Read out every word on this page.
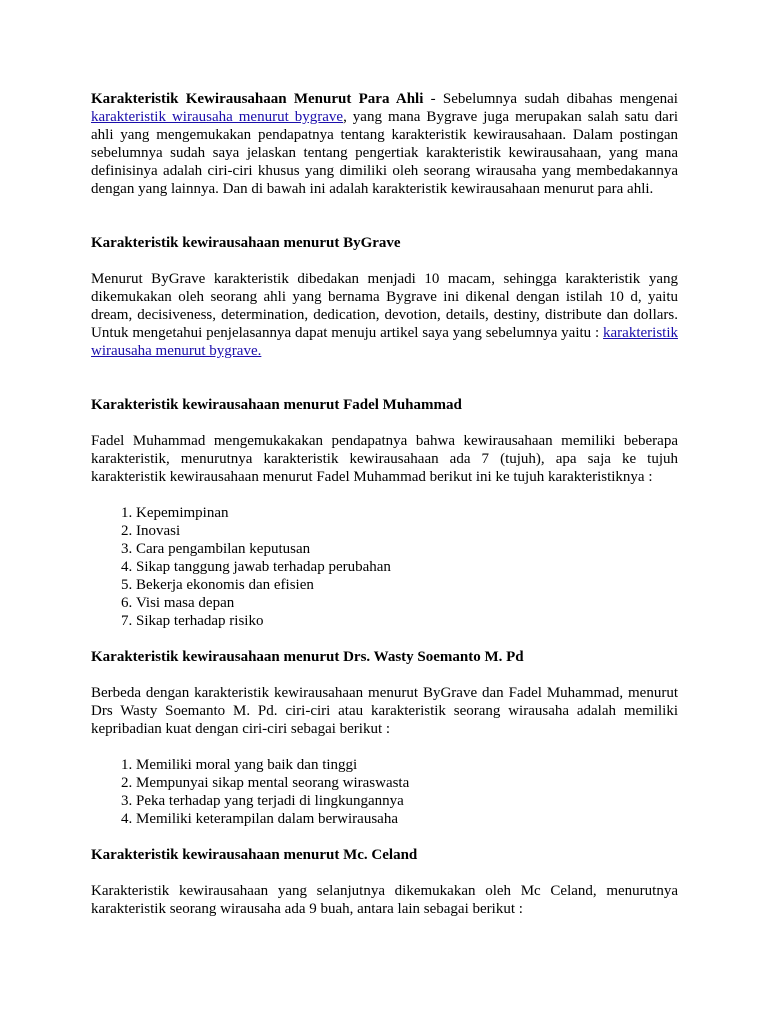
Karakteristik Kewirausahaan Menurut Para Ahli - Sebelumnya sudah dibahas mengenai karakteristik wirausaha menurut bygrave, yang mana Bygrave juga merupakan salah satu dari ahli yang mengemukakan pendapatnya tentang karakteristik kewirausahaan. Dalam postingan sebelumnya sudah saya jelaskan tentang pengertiak karakteristik kewirausahaan, yang mana definisinya adalah ciri-ciri khusus yang dimiliki oleh seorang wirausaha yang membedakannya dengan yang lainnya. Dan di bawah ini adalah karakteristik kewirausahaan menurut para ahli.

Karakteristik kewirausahaan menurut ByGrave

Menurut ByGrave karakteristik dibedakan menjadi 10 macam, sehingga karakteristik yang dikemukakan oleh seorang ahli yang bernama Bygrave ini dikenal dengan istilah 10 d, yaitu dream, decisiveness, determination, dedication, devotion, details, destiny, distribute dan dollars. Untuk mengetahui penjelasannya dapat menuju artikel saya yang sebelumnya yaitu : karakteristik wirausaha menurut bygrave.

Karakteristik kewirausahaan menurut Fadel Muhammad

Fadel Muhammad mengemukakakan pendapatnya bahwa kewirausahaan memiliki beberapa karakteristik, menurutnya karakteristik kewirausahaan ada 7 (tujuh), apa saja ke tujuh karakteristik kewirausahaan menurut Fadel Muhammad berikut ini ke tujuh karakteristiknya :

1. Kepemimpinan
2. Inovasi
3. Cara pengambilan keputusan
4. Sikap tanggung jawab terhadap perubahan
5. Bekerja ekonomis dan efisien
6. Visi masa depan
7. Sikap terhadap risiko

Karakteristik kewirausahaan menurut Drs. Wasty Soemanto M. Pd

Berbeda dengan karakteristik kewirausahaan menurut ByGrave dan Fadel Muhammad, menurut Drs Wasty Soemanto M. Pd. ciri-ciri atau karakteristik seorang wirausaha adalah memiliki kepribadian kuat dengan ciri-ciri sebagai berikut :

1. Memiliki moral yang baik dan tinggi
2. Mempunyai sikap mental seorang wiraswasta
3. Peka terhadap yang terjadi di lingkungannya
4. Memiliki keterampilan dalam berwirausaha

Karakteristik kewirausahaan menurut Mc. Celand

Karakteristik kewirausahaan yang selanjutnya dikemukakan oleh Mc Celand, menurutnya karakteristik seorang wirausaha ada 9 buah, antara lain sebagai berikut :
